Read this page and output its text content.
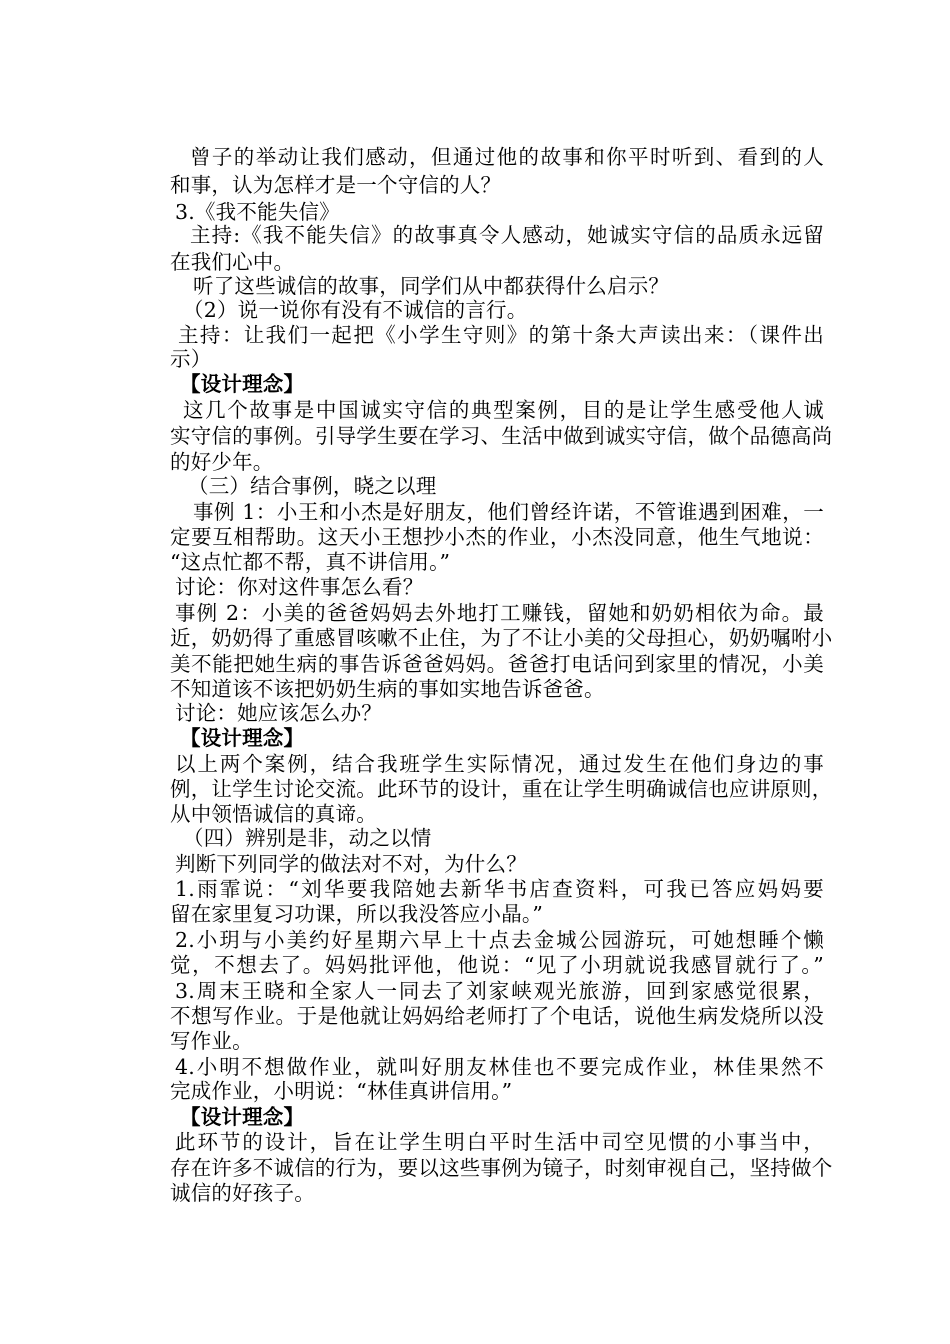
曾子的举动让我们感动，但通过他的故事和你平时听到、看到的人
和事，认为怎样才是一个守信的人？
3.《我不能失信》
主持:《我不能失信》的故事真令人感动，她诚实守信的品质永远留
在我们心中。
听了这些诚信的故事，同学们从中都获得什么启示？
（2）说一说你有没有不诚信的言行。
主持：让我们一起把《小学生守则》的第十条大声读出来：（课件出
示）
【设计理念】
这几个故事是中国诚实守信的典型案例，目的是让学生感受他人诚
实守信的事例。引导学生要在学习、生活中做到诚实守信，做个品德高尚
的好少年。
（三）结合事例，晓之以理
事例 1：小王和小杰是好朋友，他们曾经许诺，不管谁遇到困难，一
定要互相帮助。这天小王想抄小杰的作业，小杰没同意，他生气地说：
“这点忙都不帮，真不讲信用。”
讨论：你对这件事怎么看？
事例 2：小美的爸爸妈妈去外地打工赚钱，留她和奶奶相依为命。最
近，奶奶得了重感冒咳嗽不止住，为了不让小美的父母担心，奶奶嘱咐小
美不能把她生病的事告诉爸爸妈妈。爸爸打电话问到家里的情况，小美
不知道该不该把奶奶生病的事如实地告诉爸爸。
讨论：她应该怎么办？
【设计理念】
以上两个案例，结合我班学生实际情况，通过发生在他们身边的事
例，让学生讨论交流。此环节的设计，重在让学生明确诚信也应讲原则，
从中领悟诚信的真谛。
（四）辨别是非，动之以情
判断下列同学的做法对不对，为什么？
1.雨霏说：“刘华要我陪她去新华书店查资料，可我已答应妈妈要
留在家里复习功课，所以我没答应小晶。”
2.小玥与小美约好星期六早上十点去金城公园游玩，可她想睡个懒
觉，不想去了。妈妈批评他，他说：“见了小玥就说我感冒就行了。”
3.周末王晓和全家人一同去了刘家峡观光旅游，回到家感觉很累，
不想写作业。于是他就让妈妈给老师打了个电话，说他生病发烧所以没
写作业。
4.小明不想做作业，就叫好朋友林佳也不要完成作业，林佳果然不
完成作业，小明说：“林佳真讲信用。”
【设计理念】
此环节的设计，旨在让学生明白平时生活中司空见惯的小事当中，
存在许多不诚信的行为，要以这些事例为镜子，时刻审视自己，坚持做个
诚信的好孩子。
